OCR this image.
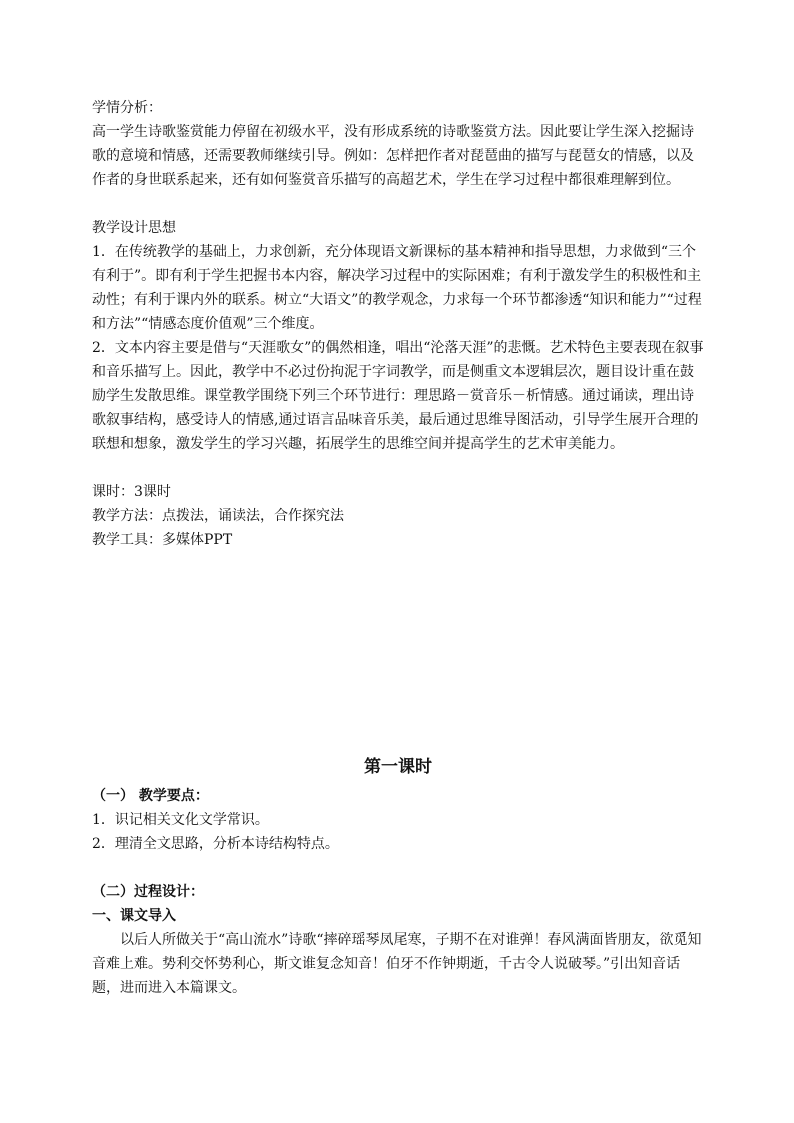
学情分析：
高一学生诗歌鉴赏能力停留在初级水平，没有形成系统的诗歌鉴赏方法。因此要让学生深入挖掘诗歌的意境和情感，还需要教师继续引导。例如：怎样把作者对琵琶曲的描写与琵琶女的情感，以及作者的身世联系起来，还有如何鉴赏音乐描写的高超艺术，学生在学习过程中都很难理解到位。
教学设计思想
1．在传统教学的基础上，力求创新，充分体现语文新课标的基本精神和指导思想，力求做到“三个有利于”。即有利于学生把握书本内容，解决学习过程中的实际困难；有利于激发学生的积极性和主动性；有利于课内外的联系。树立“大语文”的教学观念，力求每一个环节都渗透“知识和能力”“过程和方法”“情感态度价值观”三个维度。
2．文本内容主要是借与“天涯歌女”的偶然相逢，唱出“沦落天涯”的悲慨。艺术特色主要表现在叙事和音乐描写上。因此，教学中不必过份拘泥于字词教学，而是侧重文本逻辑层次，题目设计重在鼓励学生发散思维。课堂教学围绕下列三个环节进行：理思路－赏音乐－析情感。通过诵读，理出诗歌叙事结构，感受诗人的情感,通过语言品味音乐美，最后通过思维导图活动，引导学生展开合理的联想和想象，激发学生的学习兴趣，拓展学生的思维空间并提高学生的艺术审美能力。
课时：3课时
教学方法：点拨法，诵读法，合作探究法
教学工具：多媒体PPT
第一课时
（一） 教学要点：
1．识记相关文化文学常识。
2．理清全文思路，分析本诗结构特点。
（二）过程设计：
一、课文导入
以后人所做关于“高山流水”诗歌“摔碎瑶琴凤尾寒，子期不在对谁弹！春风满面皆朋友，欲觅知音难上难。势利交怀势利心，斯文谁复念知音！伯牙不作钟期逝，千古令人说破琴。”引出知音话题，进而进入本篇课文。
